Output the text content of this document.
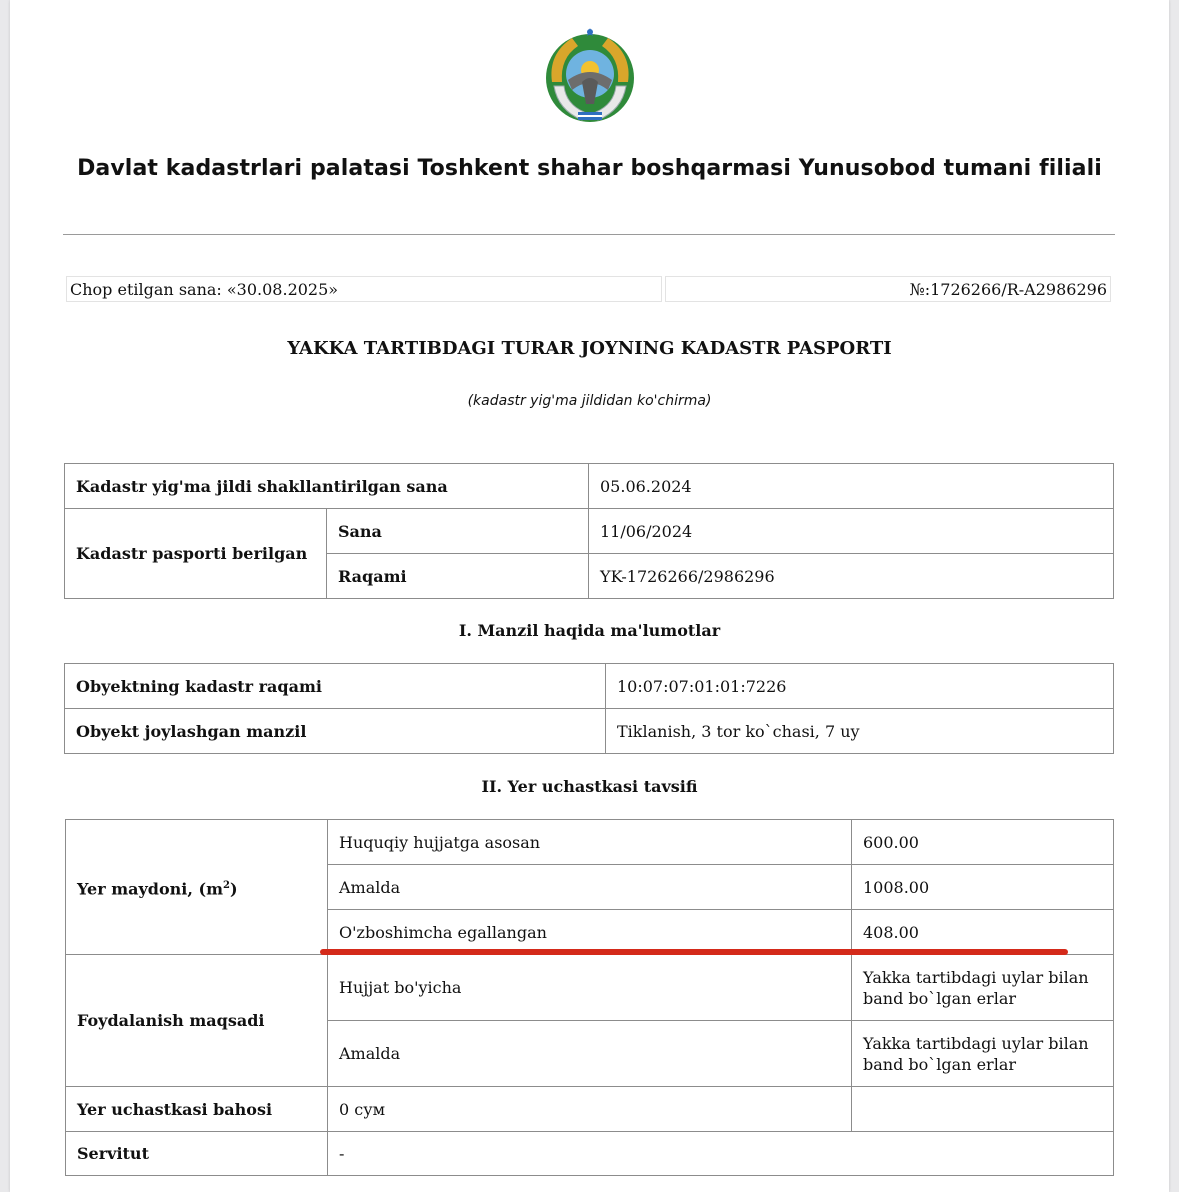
Davlat kadastrlari palatasi Toshkent shahar boshqarmasi Yunusobod tumani filiali
Chop etilgan sana: «30.08.2025»	№:1726266/R-A2986296
YAKKA TARTIBDAGI TURAR JOYNING KADASTR PASPORTI
(kadastr yig'ma jildidan ko'chirma)
Kadastr yig'ma jildi shakllantirilgan sana	05.06.2024
Kadastr pasporti berilgan	Sana	11/06/2024
Raqami	YK-1726266/2986296
I. Manzil haqida ma'lumotlar
Obyektning kadastr raqami	10:07:07:01:01:7226
Obyekt joylashgan manzil	Tiklanish, 3 tor ko`chasi, 7 uy
II. Yer uchastkasi tavsifi
Yer maydoni, $(m^2)$	Huquqiy hujjatga asosan	600.00
Amalda	1008.00
O'zboshimcha egallangan	408.00
Foydalanish maqsadi	Hujjat bo'yicha	Yakka tartibdagi uylar bilan band bo`lgan erlar
Amalda	Yakka tartibdagi uylar bilan band bo`lgan erlar
Yer uchastkasi bahosi	0 сум	
Servitut	-
